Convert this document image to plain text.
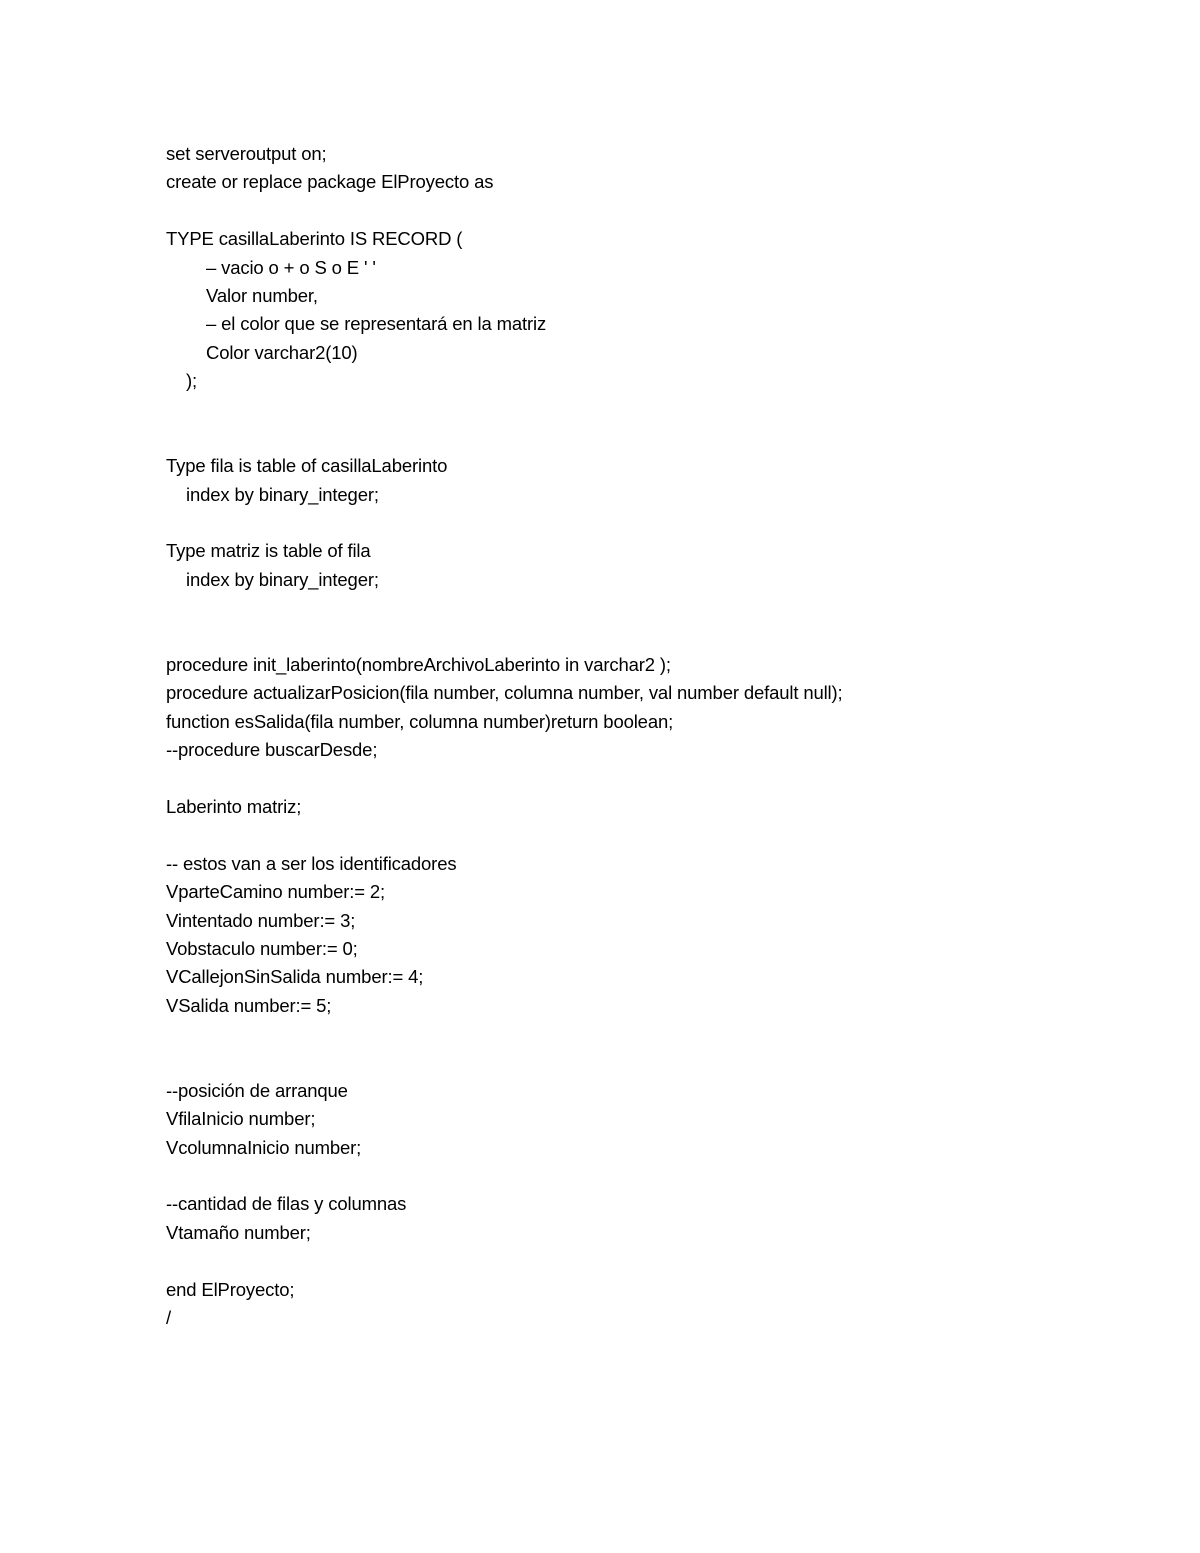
set serveroutput on;
create or replace package ElProyecto as
TYPE casillaLaberinto IS RECORD (
– vacio o + o S o E ' '
Valor number,
– el color que se representará en la matriz
Color varchar2(10)
);
Type fila is table of casillaLaberinto
index by binary_integer;
Type matriz is table of fila
index by binary_integer;
procedure init_laberinto(nombreArchivoLaberinto in varchar2 );
procedure actualizarPosicion(fila number, columna number, val number default null);
function esSalida(fila number, columna number)return boolean;
--procedure buscarDesde;
Laberinto matriz;
-- estos van a ser los identificadores
VparteCamino number:= 2;
Vintentado number:= 3;
Vobstaculo number:= 0;
VCallejonSinSalida number:= 4;
VSalida number:= 5;
--posición de arranque
VfilaInicio number;
VcolumnaInicio number;
--cantidad de filas y columnas
Vtamaño number;
end ElProyecto;
/
